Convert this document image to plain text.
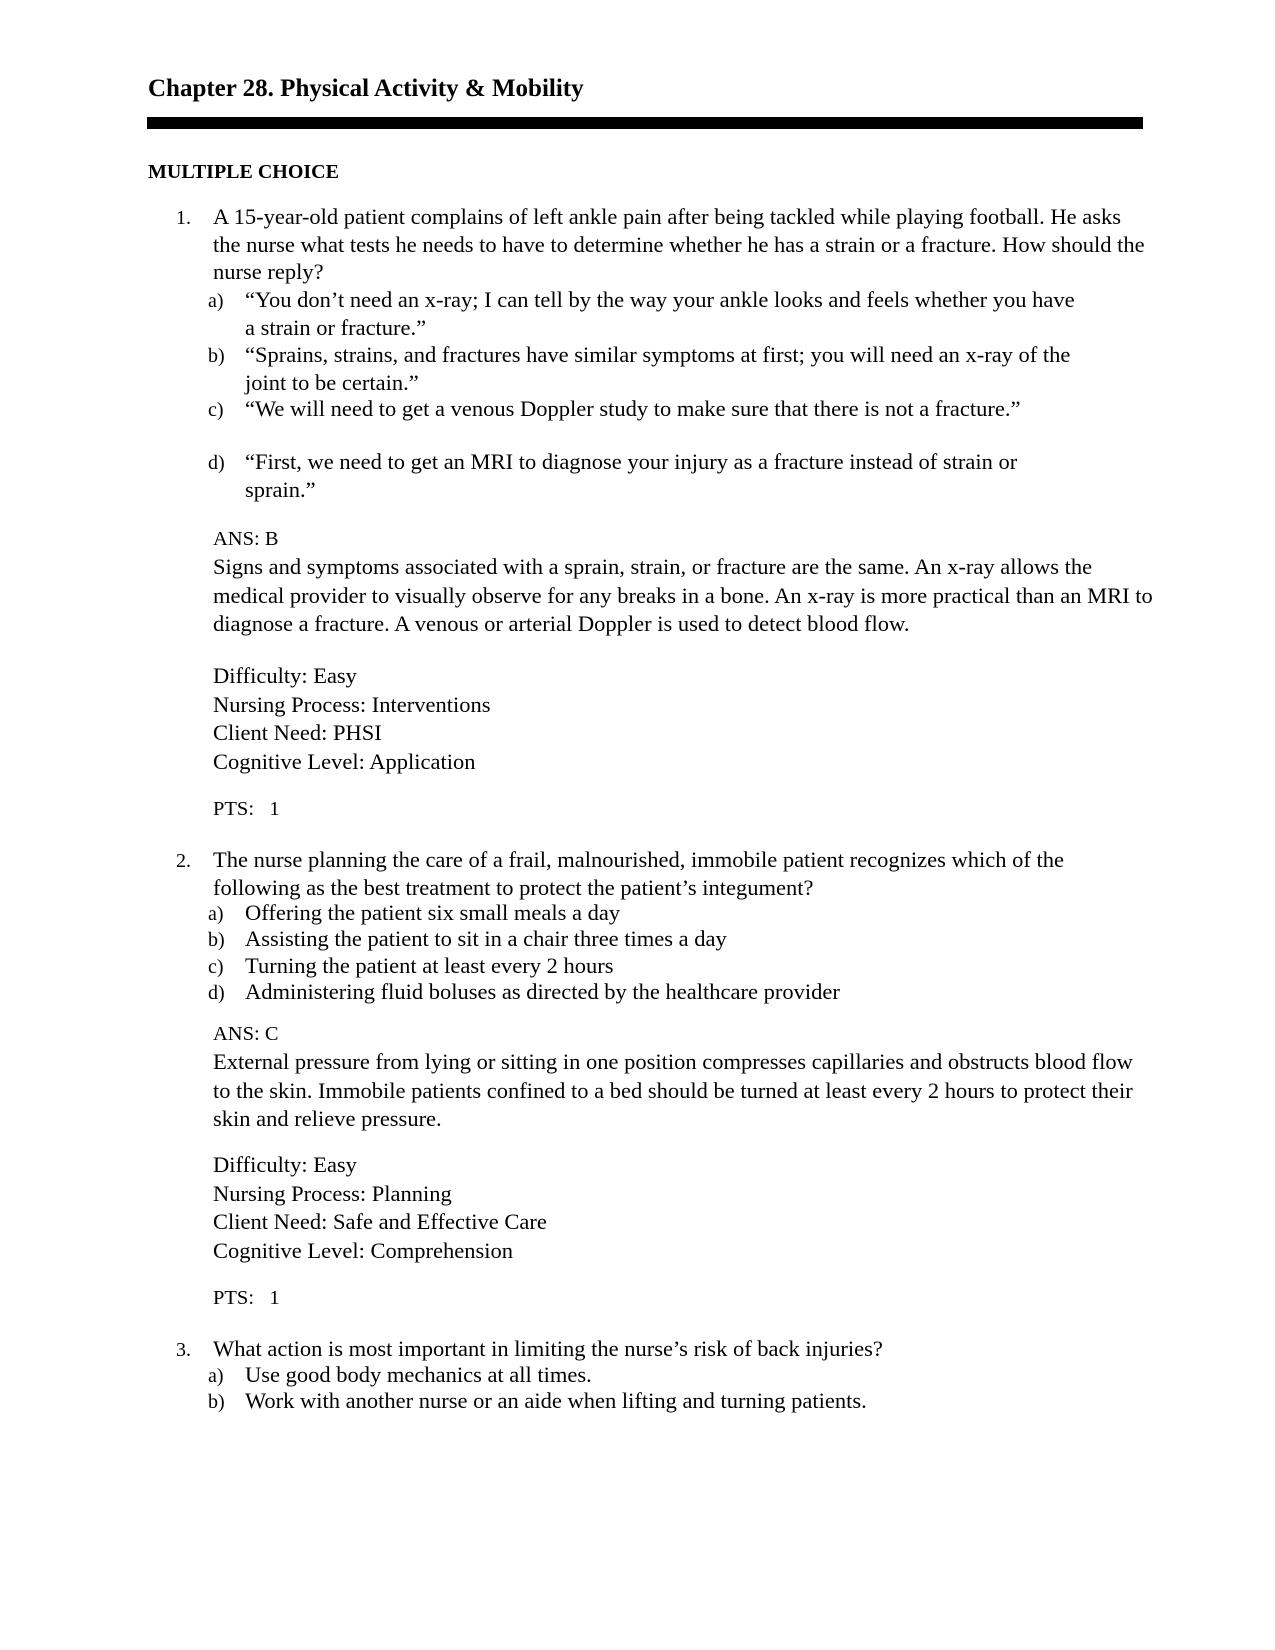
Chapter 28. Physical Activity & Mobility
MULTIPLE CHOICE
1. A 15-year-old patient complains of left ankle pain after being tackled while playing football. He asks the nurse what tests he needs to have to determine whether he has a strain or a fracture. How should the nurse reply?
a) “You don’t need an x-ray; I can tell by the way your ankle looks and feels whether you have a strain or fracture.”
b) “Sprains, strains, and fractures have similar symptoms at first; you will need an x-ray of the joint to be certain.”
c) “We will need to get a venous Doppler study to make sure that there is not a fracture.”
d) “First, we need to get an MRI to diagnose your injury as a fracture instead of strain or sprain.”
ANS: B
Signs and symptoms associated with a sprain, strain, or fracture are the same. An x-ray allows the medical provider to visually observe for any breaks in a bone. An x-ray is more practical than an MRI to diagnose a fracture. A venous or arterial Doppler is used to detect blood flow.
Difficulty: Easy
Nursing Process: Interventions
Client Need: PHSI
Cognitive Level: Application
PTS:   1
2. The nurse planning the care of a frail, malnourished, immobile patient recognizes which of the following as the best treatment to protect the patient’s integument?
a) Offering the patient six small meals a day
b) Assisting the patient to sit in a chair three times a day
c) Turning the patient at least every 2 hours
d) Administering fluid boluses as directed by the healthcare provider
ANS: C
External pressure from lying or sitting in one position compresses capillaries and obstructs blood flow to the skin. Immobile patients confined to a bed should be turned at least every 2 hours to protect their skin and relieve pressure.
Difficulty: Easy
Nursing Process: Planning
Client Need: Safe and Effective Care
Cognitive Level: Comprehension
PTS:   1
3. What action is most important in limiting the nurse’s risk of back injuries?
a) Use good body mechanics at all times.
b) Work with another nurse or an aide when lifting and turning patients.
